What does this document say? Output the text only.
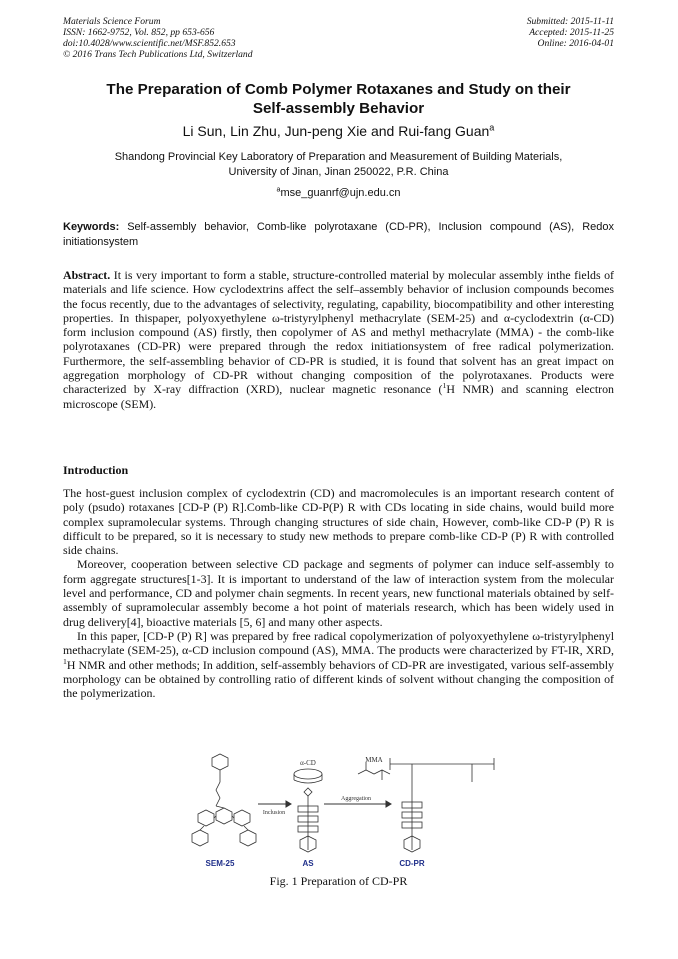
Materials Science Forum
ISSN: 1662-9752, Vol. 852, pp 653-656
doi:10.4028/www.scientific.net/MSF.852.653
© 2016 Trans Tech Publications Ltd, Switzerland
Submitted: 2015-11-11
Accepted: 2015-11-25
Online: 2016-04-01
The Preparation of Comb Polymer Rotaxanes and Study on their
Self-assembly Behavior
Li Sun, Lin Zhu, Jun-peng Xie and Rui-fang Guan$^a$
Shandong Provincial Key Laboratory of Preparation and Measurement of Building Materials,
University of Jinan, Jinan 250022, P.R. China
$^a$mse_guanrf@ujn.edu.cn
Keywords: Self-assembly behavior, Comb-like polyrotaxane (CD-PR), Inclusion compound (AS), Redox initiationsystem
Abstract. It is very important to form a stable, structure-controlled material by molecular assembly inthe fields of materials and life science. How cyclodextrins affect the self–assembly behavior of inclusion compounds becomes the focus recently, due to the advantages of selectivity, regulating, capability, biocompatibility and other interesting properties. In thispaper, polyoxyethylene ω-tristyrylphenyl methacrylate (SEM-25) and α-cyclodextrin (α-CD) form inclusion compound (AS) firstly, then copolymer of AS and methyl methacrylate (MMA) - the comb-like polyrotaxanes (CD-PR) were prepared through the redox initiationsystem of free radical polymerization. Furthermore, the self-assembling behavior of CD-PR is studied, it is found that solvent has an great impact on aggregation morphology of CD-PR without changing composition of the polyrotaxanes. Products were characterized by X-ray diffraction (XRD), nuclear magnetic resonance ($^1$H NMR) and scanning electron microscope (SEM).
Introduction

The host-guest inclusion complex of cyclodextrin (CD) and macromolecules is an important research content of poly (psudo) rotaxanes [CD-P (P) R].Comb-like CD-P(P) R with CDs locating in side chains, would build more complex supramolecular systems. Through changing structures of side chain, However, comb-like CD-P (P) R is difficult to be prepared, so it is necessary to study new methods to prepare comb-like CD-P (P) R with controlled side chains.

Moreover, cooperation between selective CD package and segments of polymer can induce self-assembly to form aggregate structures[1-3]. It is important to understand of the law of interaction system from the molecular level and performance, CD and polymer chain segments. In recent years, new functional materials obtained by self-assembly of supramolecular assembly become a hot point of materials research, which has been widely used in drug delivery[4], bioactive materials [5, 6] and many other aspects.

In this paper, [CD-P (P) R] was prepared by free radical copolymerization of polyoxyethylene ω-tristyrylphenyl methacrylate (SEM-25), α-CD inclusion compound (AS), MMA. The products were characterized by FT-IR, XRD, $^1$H NMR and other methods; In addition, self-assembly behaviors of CD-PR are investigated, various self-assembly morphology can be obtained by controlling ratio of different kinds of solvent without changing the composition of the polymerization.

α-CD	MMA
Inclusion
Aggregation
SEM-25	AS	CD-PR
Fig. 1 Preparation of CD-PR
